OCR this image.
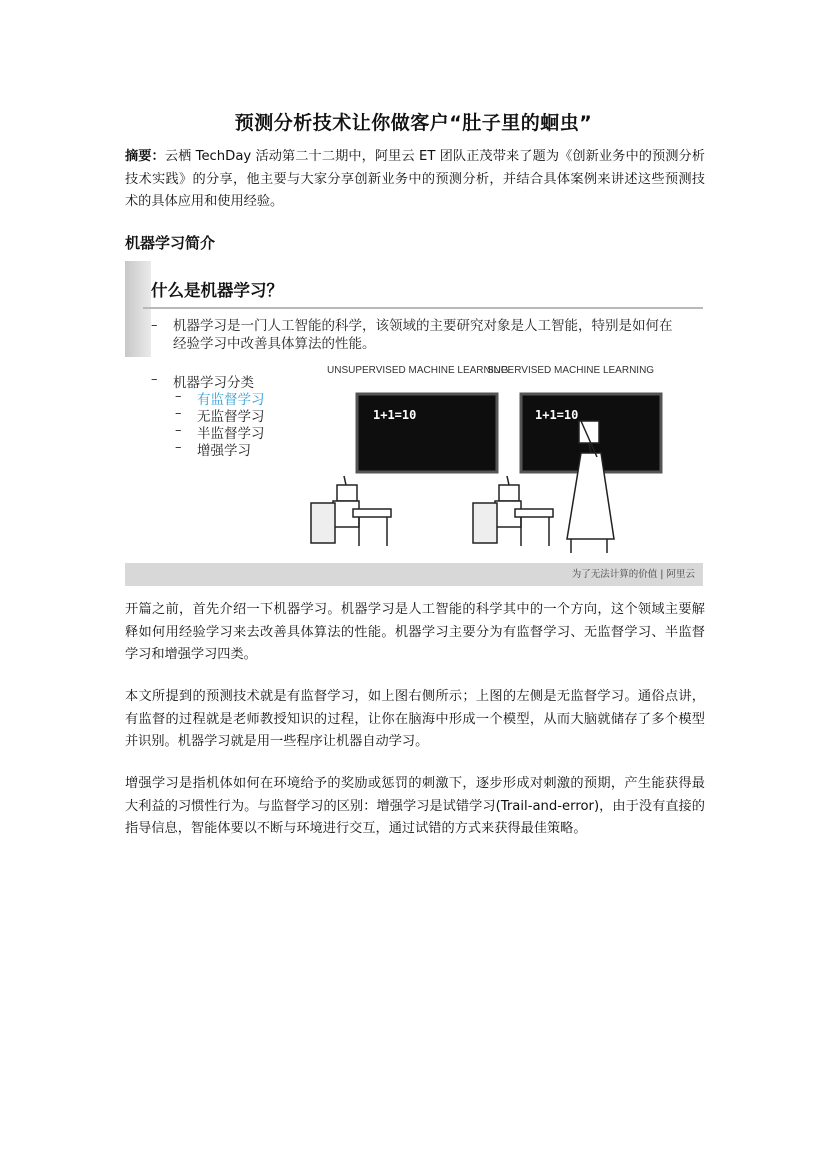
预测分析技术让你做客户“肚子里的蛔虫”
摘要：云栖 TechDay 活动第二十二期中，阿里云 ET 团队正茂带来了题为《创新业务中的预测分析技术实践》的分享，他主要与大家分享创新业务中的预测分析，并结合具体案例来讲述这些预测技术的具体应用和使用经验。
机器学习简介
什么是机器学习？
– 机器学习是一门人工智能的科学，该领域的主要研究对象是人工智能，特别是如何在经验学习中改善具体算法的性能。
– 机器学习分类
– 有监督学习
– 无监督学习
– 半监督学习
– 增强学习
UNSUPERVISED MACHINE LEARNING
SUPERVISED MACHINE LEARNING
1+1=10	1+1=10
为了无法计算的价值 | 阿里云
开篇之前，首先介绍一下机器学习。机器学习是人工智能的科学其中的一个方向，这个领域主要解释如何用经验学习来去改善具体算法的性能。机器学习主要分为有监督学习、无监督学习、半监督学习和增强学习四类。
本文所提到的预测技术就是有监督学习，如上图右侧所示；上图的左侧是无监督学习。通俗点讲，有监督的过程就是老师教授知识的过程，让你在脑海中形成一个模型，从而大脑就储存了多个模型并识别。机器学习就是用一些程序让机器自动学习。
增强学习是指机体如何在环境给予的奖励或惩罚的刺激下，逐步形成对刺激的预期，产生能获得最大利益的习惯性行为。与监督学习的区别：增强学习是试错学习(Trail-and-error)，由于没有直接的指导信息，智能体要以不断与环境进行交互，通过试错的方式来获得最佳策略。
